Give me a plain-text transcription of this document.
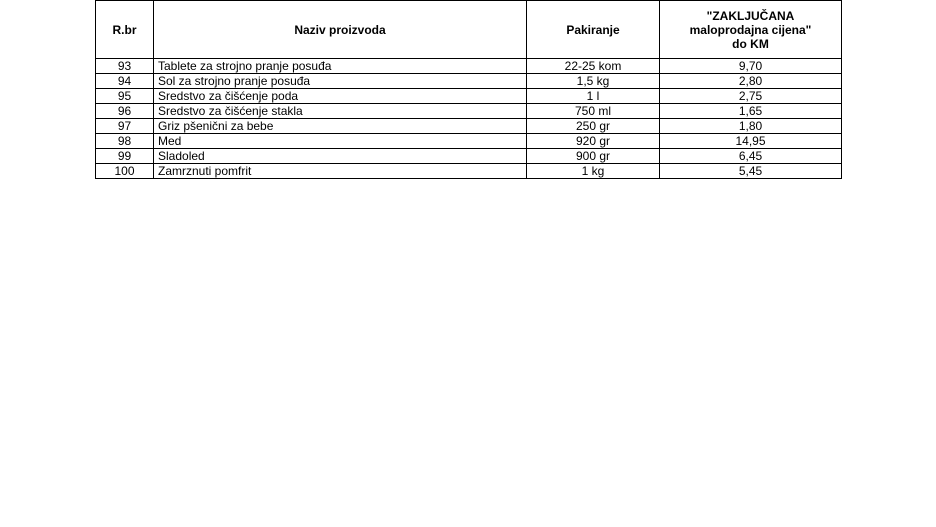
R.br	Naziv proizvoda	Pakiranje	"ZAKLJUČANA
maloprodajna cijena"
do KM

93	Tablete za strojno pranje posuđa	22-25 kom	9,70
94	Sol za strojno pranje posuđa	1,5 kg	2,80
95	Sredstvo za čišćenje poda	1 l	2,75
96	Sredstvo za čišćenje stakla	750 ml	1,65
97	Griz pšenični za bebe	250 gr	1,80
98	Med	920 gr	14,95
99	Sladoled	900 gr	6,45
100	Zamrznuti pomfrit	1 kg	5,45
